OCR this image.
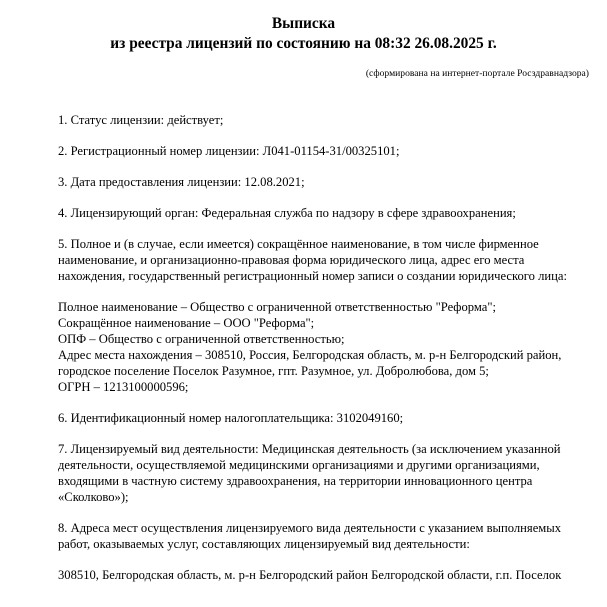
Выписка
из реестра лицензий по состоянию на 08:32 26.08.2025 г.
(сформирована на интернет-портале Росздравнадзора)

1. Статус лицензии: действует;

2. Регистрационный номер лицензии: Л041-01154-31/00325101;

3. Дата предоставления лицензии: 12.08.2021;

4. Лицензирующий орган: Федеральная служба по надзору в сфере здравоохранения;

5. Полное и (в случае, если имеется) сокращённое наименование, в том числе фирменное
наименование, и организационно-правовая форма юридического лица, адрес его места
нахождения, государственный регистрационный номер записи о создании юридического лица:

Полное наименование – Общество с ограниченной ответственностью "Реформа";
Сокращённое наименование – ООО "Реформа";
ОПФ – Общество с ограниченной ответственностью;
Адрес места нахождения – 308510, Россия, Белгородская область, м. р-н Белгородский район,
городское поселение Поселок Разумное, гпт. Разумное, ул. Добролюбова, дом 5;
ОГРН – 1213100000596;

6. Идентификационный номер налогоплательщика: 3102049160;

7. Лицензируемый вид деятельности: Медицинская деятельность (за исключением указанной
деятельности, осуществляемой медицинскими организациями и другими организациями,
входящими в частную систему здравоохранения, на территории инновационного центра
«Сколково»);

8. Адреса мест осуществления лицензируемого вида деятельности с указанием выполняемых
работ, оказываемых услуг, составляющих лицензируемый вид деятельности:

308510, Белгородская область, м. р-н Белгородский район Белгородской области, г.п. Поселок
